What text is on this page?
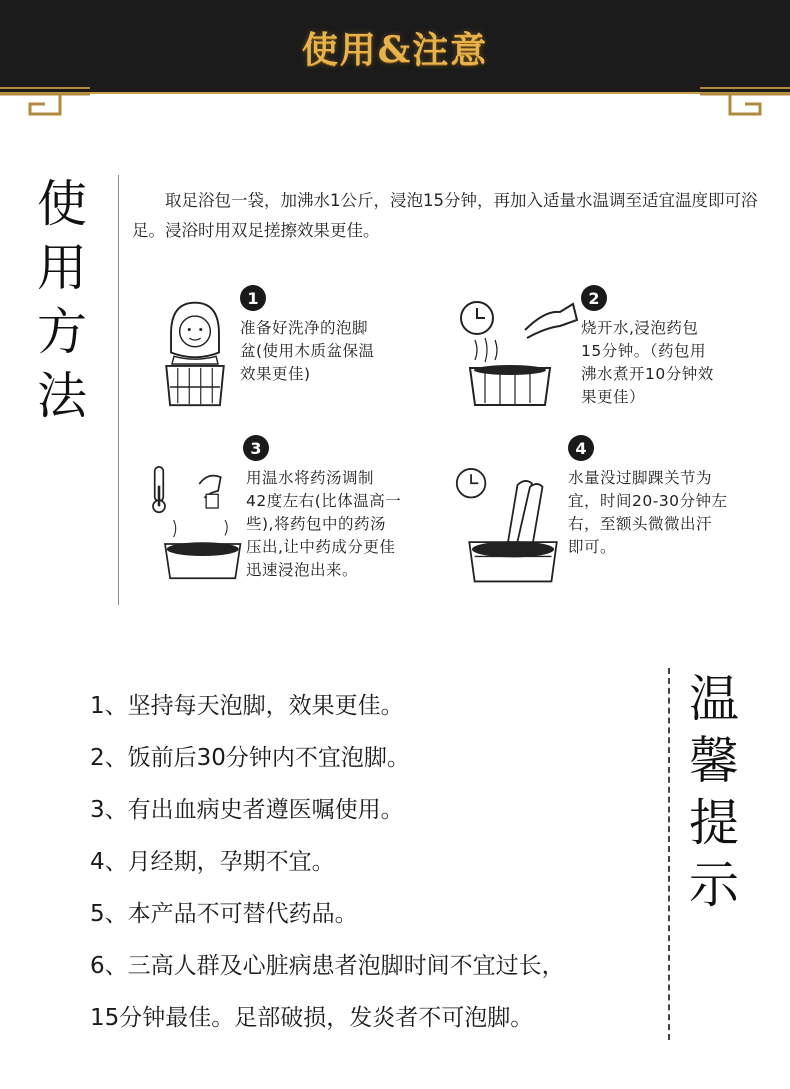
使用&注意
使
用
方
法

取足浴包一袋，加沸水1公斤，浸泡15分钟，再加入适量水温调至适宜温度即可浴足。浸浴时用双足搓擦效果更佳。

1
准备好洗净的泡脚
盆(使用木质盆保温
效果更佳)
2
烧开水,浸泡药包
15分钟。（药包用
沸水煮开10分钟效
果更佳）
3
用温水将药汤调制
42度左右(比体温高一
些),将药包中的药汤
压出,让中药成分更佳
迅速浸泡出来。
4
水量没过脚踝关节为
宜，时间20-30分钟左
右，至额头微微出汗
即可。
1、坚持每天泡脚，效果更佳。
2、饭前后30分钟内不宜泡脚。
3、有出血病史者遵医嘱使用。
4、月经期，孕期不宜。
5、本产品不可替代药品。
6、三高人群及心脏病患者泡脚时间不宜过长，
15分钟最佳。足部破损，发炎者不可泡脚。
温
馨
提
示
